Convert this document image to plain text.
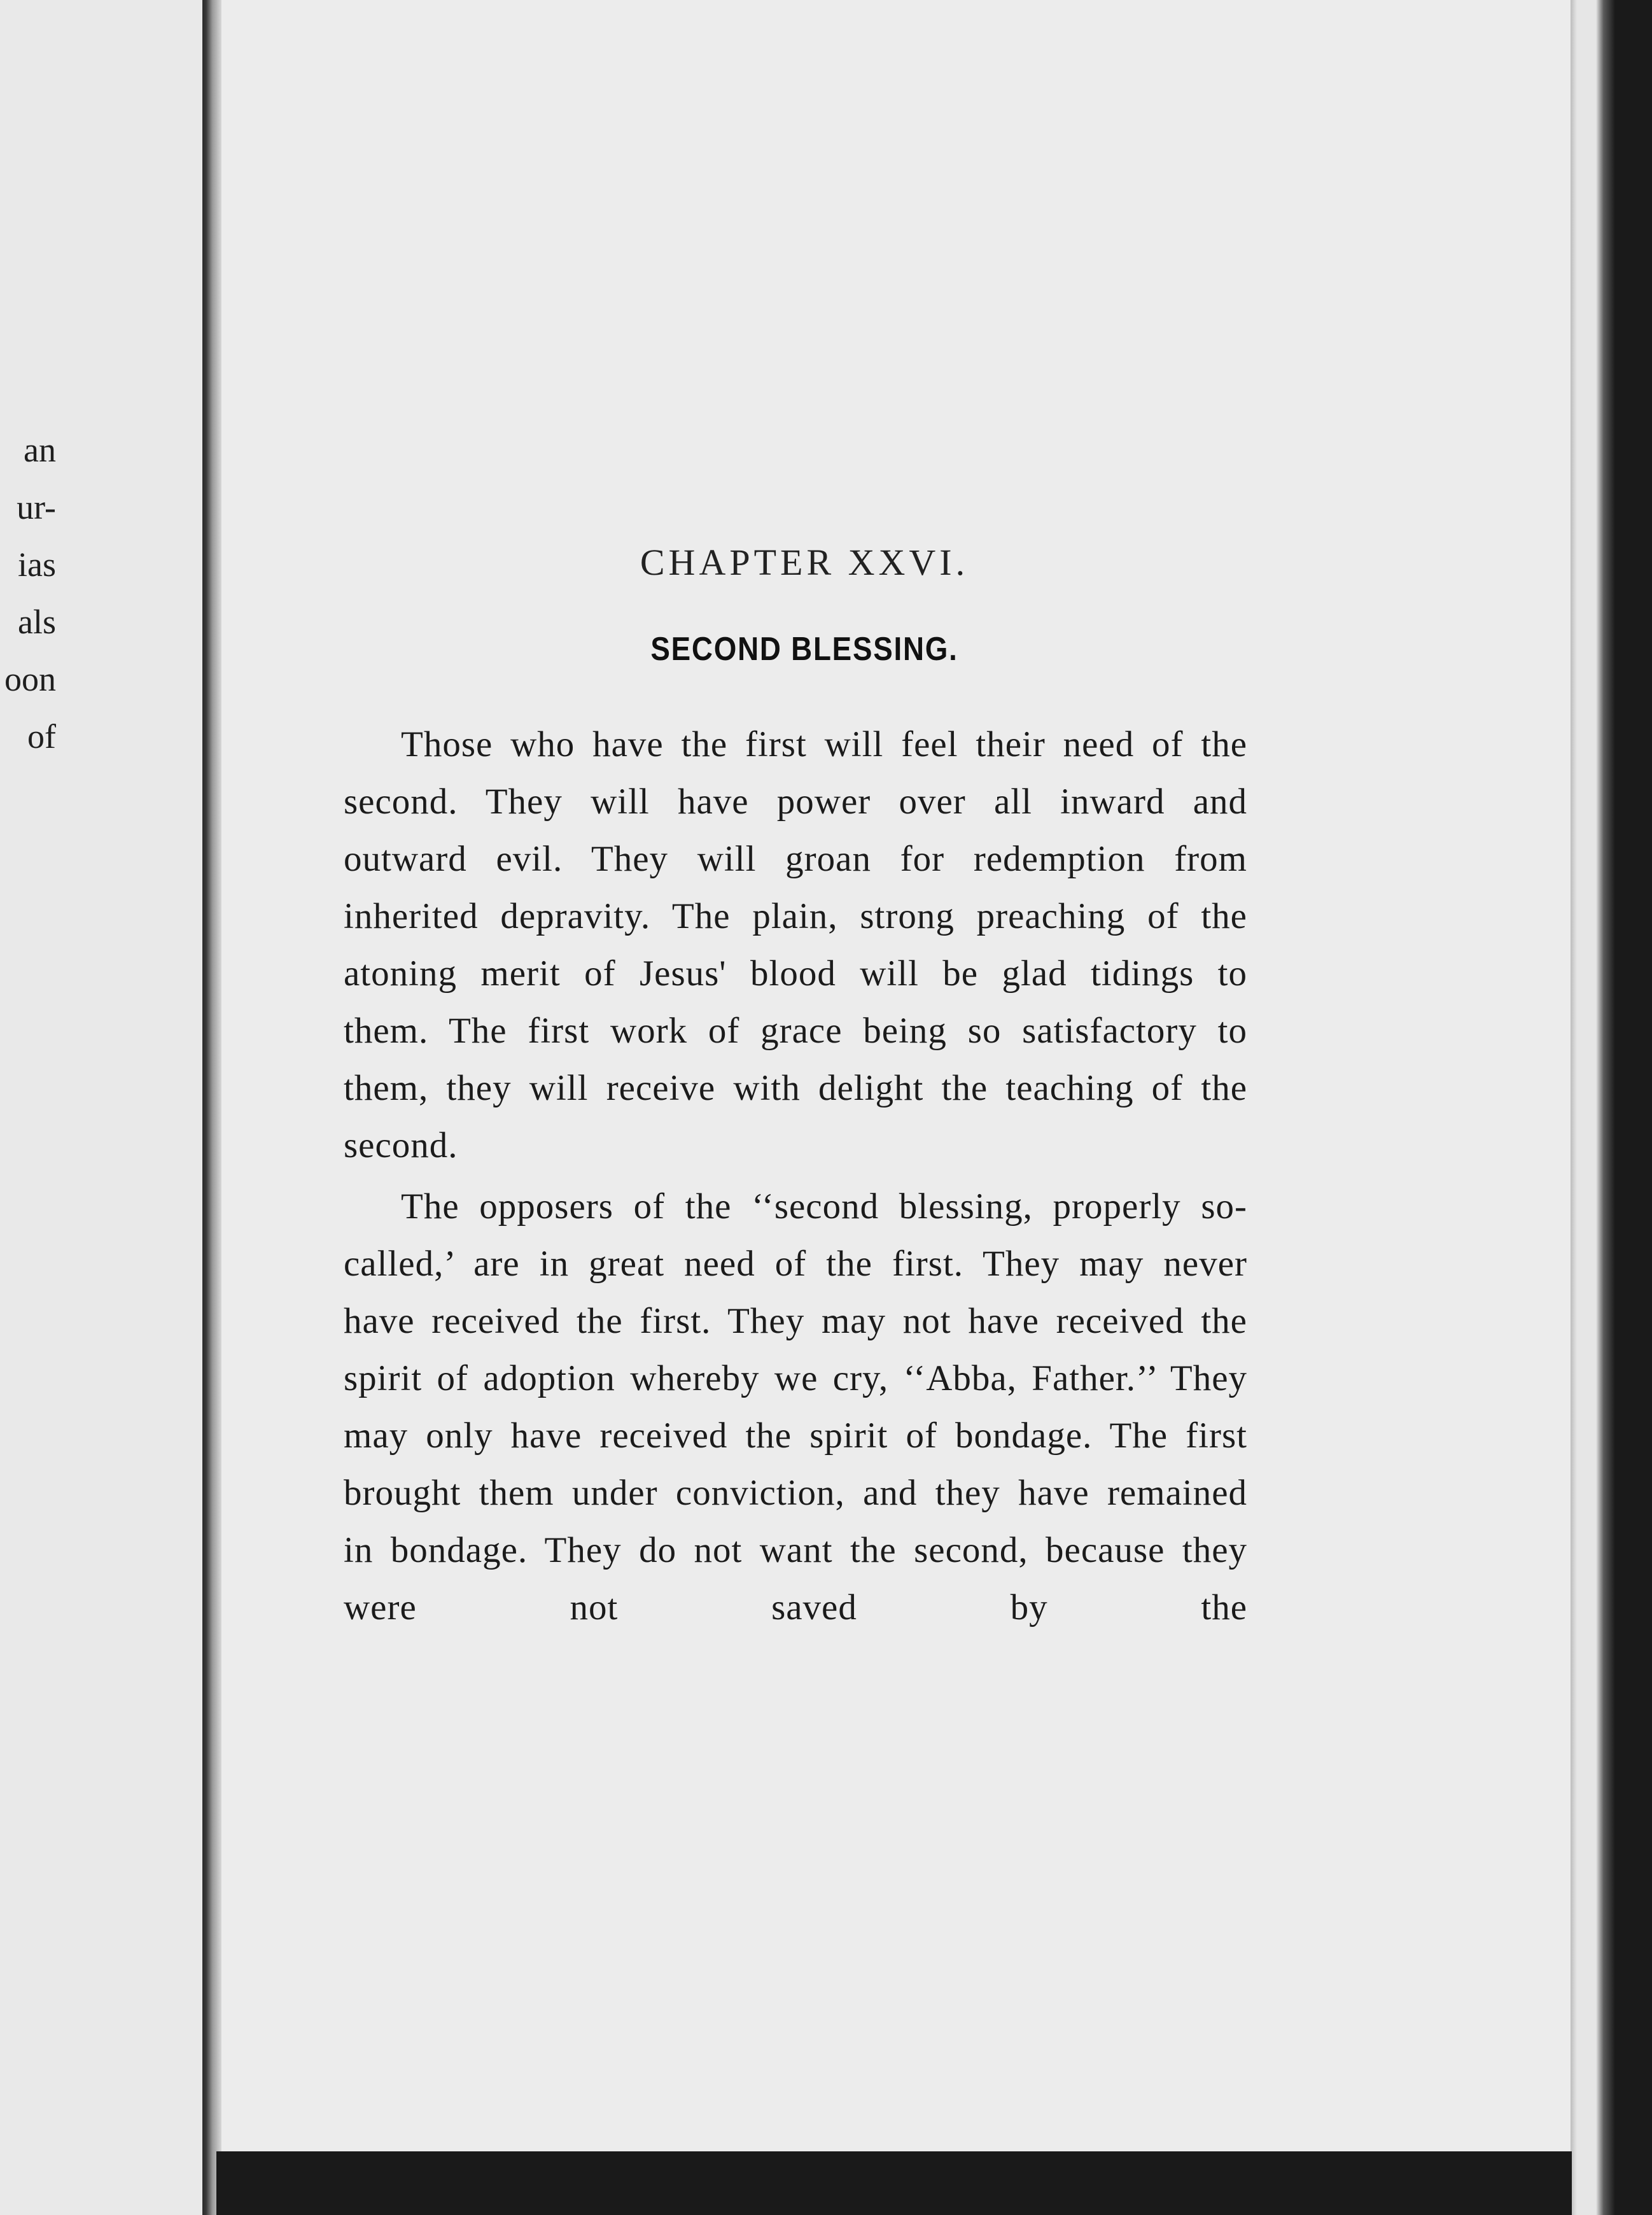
an
ur-
ias
als
oon
of
CHAPTER XXVI.
SECOND BLESSING.

Those who have the first will feel their need of the second. They will have power over all inward and outward evil. They will groan for redemption from inherited depravity. The plain, strong preaching of the atoning merit of Jesus' blood will be glad tidings to them. The first work of grace being so satisfactory to them, they will receive with delight the teaching of the second.

The opposers of the ‘‘second blessing, properly so-called,’ are in great need of the first. They may never have received the first. They may not have received the spirit of adoption whereby we cry, ‘‘Abba, Father.’’ They may only have received the spirit of bondage. The first brought them under conviction, and they have remained in bondage. They do not want the second, because they were not saved by the
